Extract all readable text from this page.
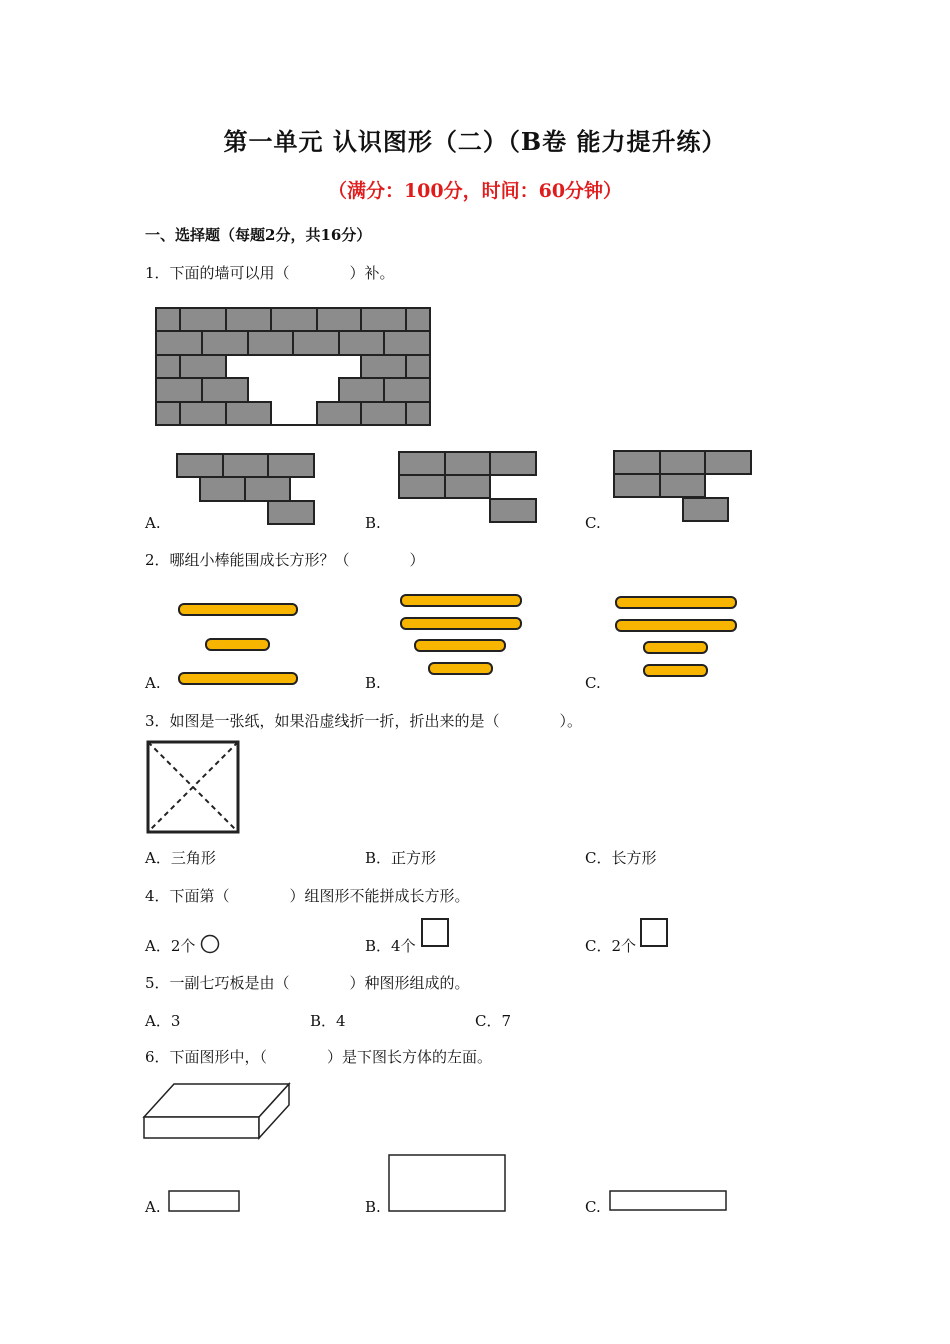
第一单元 认识图形（二）（B卷 能力提升练）
（满分：100分，时间：60分钟）
一、选择题（每题2分，共16分）
1．下面的墙可以用（　　　　）补。
A.	B.	C.
2．哪组小棒能围成长方形？（　　　　）
A.	B.	C.
3．如图是一张纸，如果沿虚线折一折，折出来的是（　　　　）。
A．三角形	B．正方形	C．长方形
4．下面第（　　　　）组图形不能拼成长方形。
A．2个	B．4个	C．2个
5．一副七巧板是由（　　　　）种图形组成的。
A．3	B．4	C．7
6．下面图形中，（　　　　）是下图长方体的左面。
A.	B.	C.
